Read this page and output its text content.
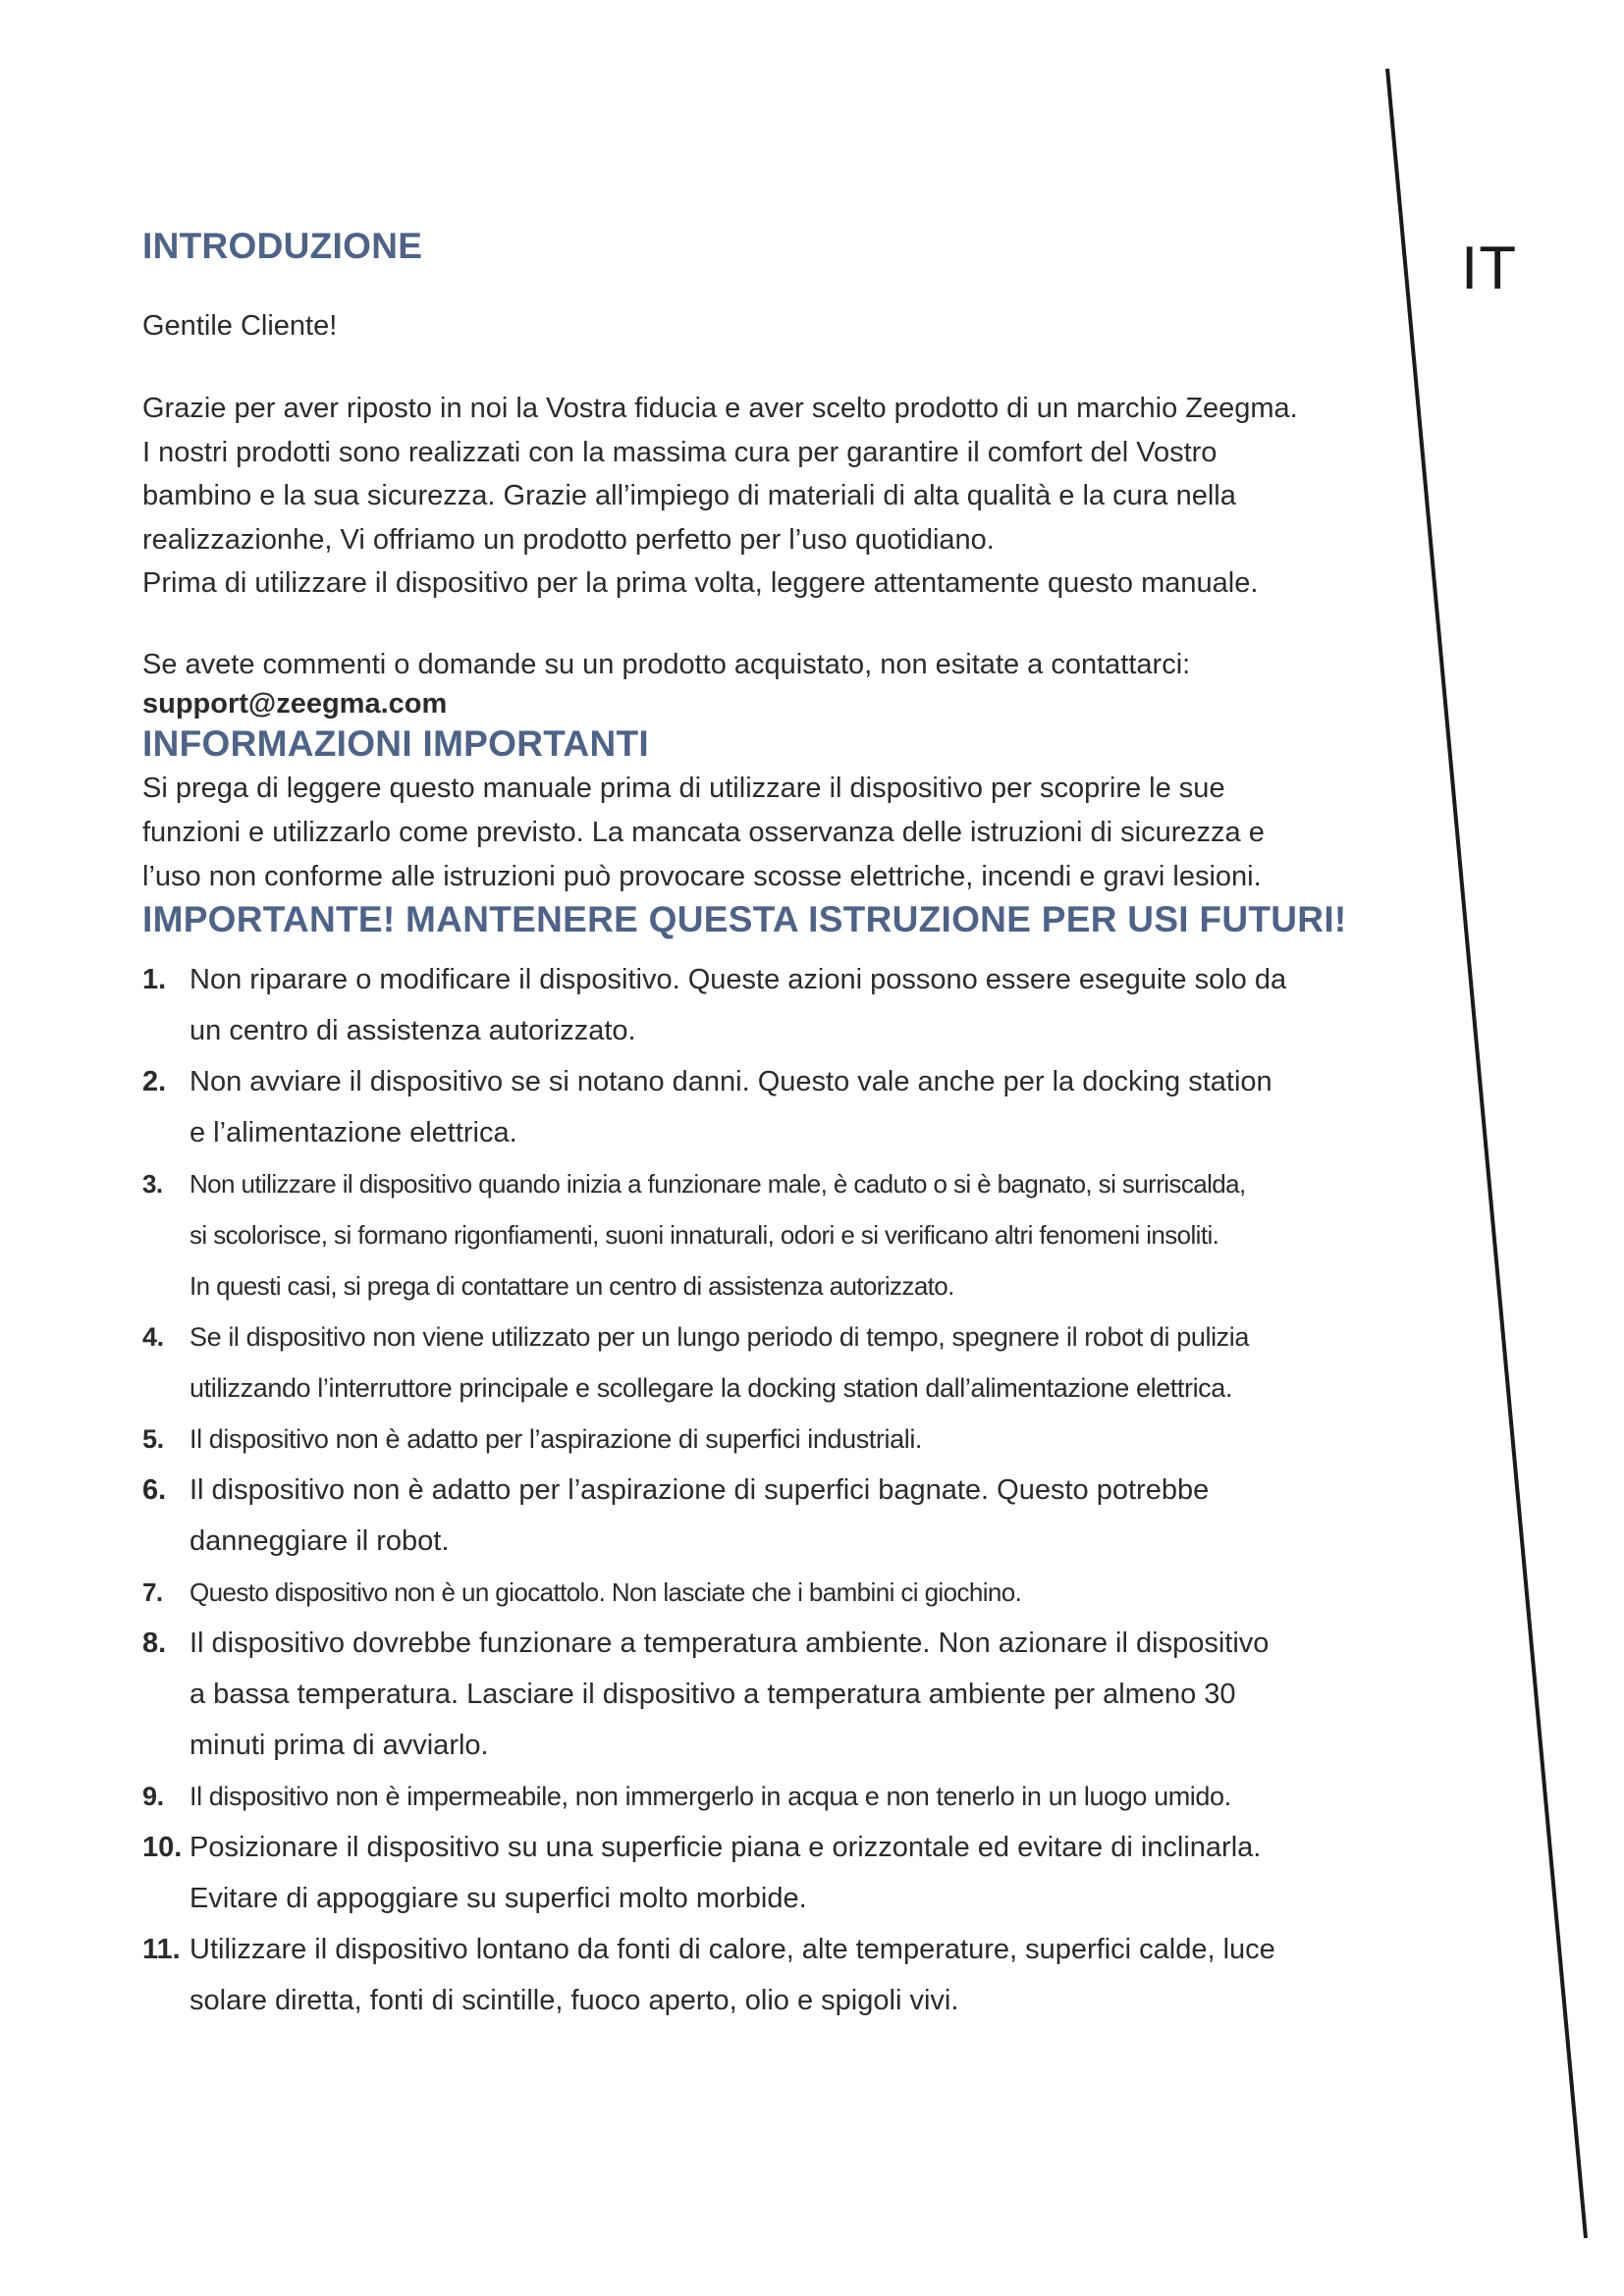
IT
INTRODUZIONE
Gentile Cliente!

Grazie per aver riposto in noi la Vostra fiducia e aver scelto prodotto di un marchio Zeegma.

I nostri prodotti sono realizzati con la massima cura per garantire il comfort del Vostro

bambino e la sua sicurezza. Grazie all’impiego di materiali di alta qualità e la cura nella

realizzazionhe, Vi offriamo un prodotto perfetto per l’uso quotidiano.

Prima di utilizzare il dispositivo per la prima volta, leggere attentamente questo manuale.

Se avete commenti o domande su un prodotto acquistato, non esitate a contattarci:
support@zeegma.com
INFORMAZIONI IMPORTANTI
Si prega di leggere questo manuale prima di utilizzare il dispositivo per scoprire le sue
funzioni e utilizzarlo come previsto. La mancata osservanza delle istruzioni di sicurezza e
l’uso non conforme alle istruzioni può provocare scosse elettriche, incendi e gravi lesioni.
IMPORTANTE! MANTENERE QUESTA ISTRUZIONE PER USI FUTURI!
1. Non riparare o modificare il dispositivo. Queste azioni possono essere eseguite solo da
un centro di assistenza autorizzato.
2. Non avviare il dispositivo se si notano danni. Questo vale anche per la docking station
e l’alimentazione elettrica.
3. Non utilizzare il dispositivo quando inizia a funzionare male, è caduto o si è bagnato, si surriscalda,
si scolorisce, si formano rigonfiamenti, suoni innaturali, odori e si verificano altri fenomeni insoliti.
In questi casi, si prega di contattare un centro di assistenza autorizzato.
4. Se il dispositivo non viene utilizzato per un lungo periodo di tempo, spegnere il robot di pulizia
utilizzando l’interruttore principale e scollegare la docking station dall’alimentazione elettrica.
5. Il dispositivo non è adatto per l’aspirazione di superfici industriali.
6. Il dispositivo non è adatto per l’aspirazione di superfici bagnate. Questo potrebbe
danneggiare il robot.
7. Questo dispositivo non è un giocattolo. Non lasciate che i bambini ci giochino.
8. Il dispositivo dovrebbe funzionare a temperatura ambiente. Non azionare il dispositivo
a bassa temperatura. Lasciare il dispositivo a temperatura ambiente per almeno 30
minuti prima di avviarlo.
9. Il dispositivo non è impermeabile, non immergerlo in acqua e non tenerlo in un luogo umido.
10. Posizionare il dispositivo su una superficie piana e orizzontale ed evitare di inclinarla.
Evitare di appoggiare su superfici molto morbide.
11. Utilizzare il dispositivo lontano da fonti di calore, alte temperature, superfici calde, luce
solare diretta, fonti di scintille, fuoco aperto, olio e spigoli vivi.
